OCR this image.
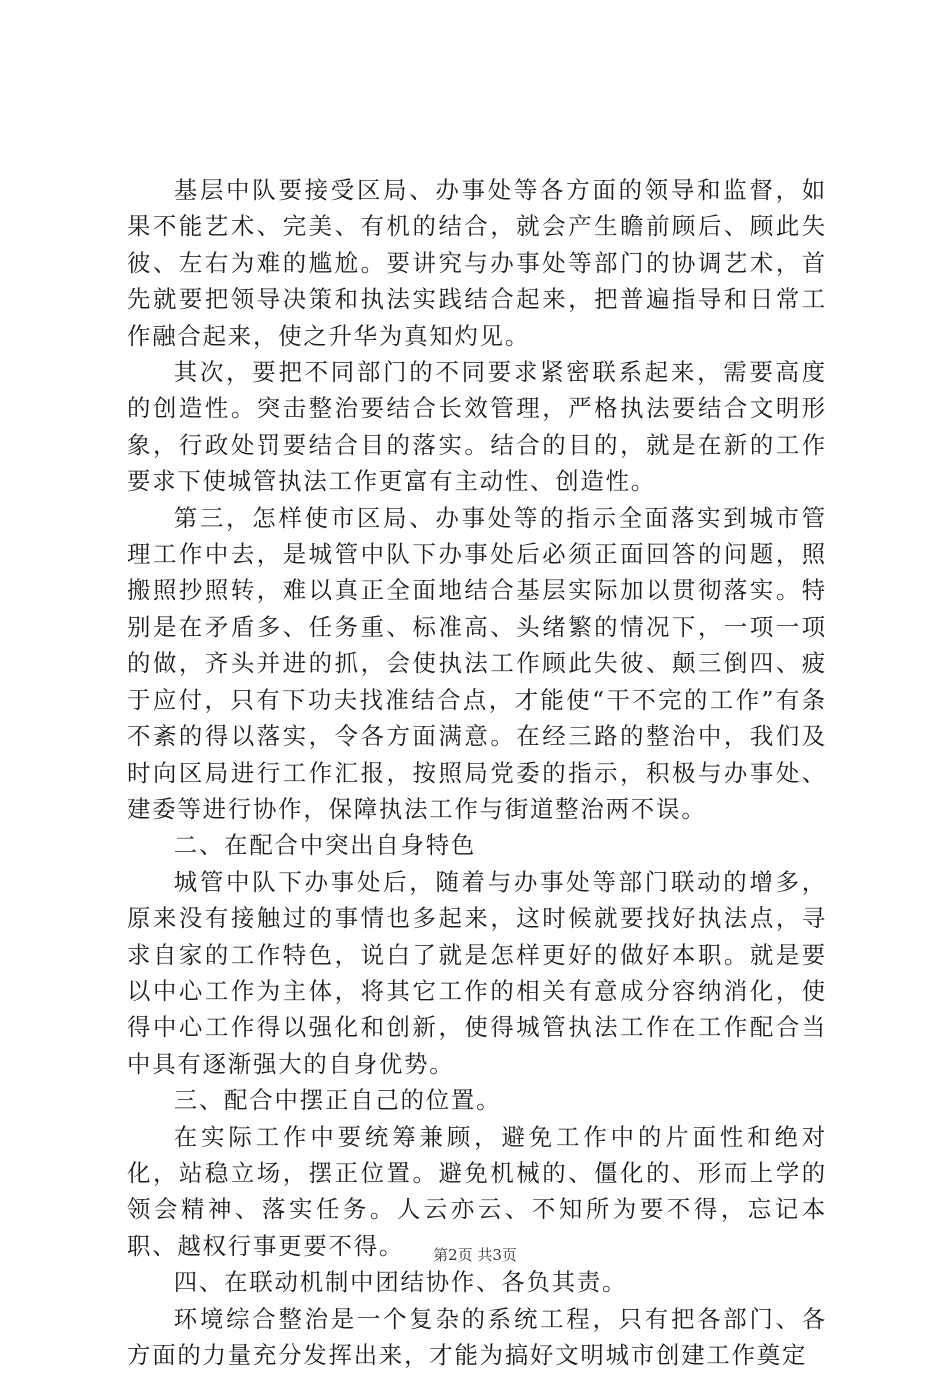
基层中队要接受区局、办事处等各方面的领导和监督，如果不能艺术、完美、有机的结合，就会产生瞻前顾后、顾此失彼、左右为难的尴尬。要讲究与办事处等部门的协调艺术，首先就要把领导决策和执法实践结合起来，把普遍指导和日常工作融合起来，使之升华为真知灼见。

其次，要把不同部门的不同要求紧密联系起来，需要高度的创造性。突击整治要结合长效管理，严格执法要结合文明形象，行政处罚要结合目的落实。结合的目的，就是在新的工作要求下使城管执法工作更富有主动性、创造性。

第三，怎样使市区局、办事处等的指示全面落实到城市管理工作中去，是城管中队下办事处后必须正面回答的问题，照搬照抄照转，难以真正全面地结合基层实际加以贯彻落实。特别是在矛盾多、任务重、标准高、头绪繁的情况下，一项一项的做，齐头并进的抓，会使执法工作顾此失彼、颠三倒四、疲于应付，只有下功夫找准结合点，才能使“干不完的工作”有条不紊的得以落实，令各方面满意。在经三路的整治中，我们及时向区局进行工作汇报，按照局党委的指示，积极与办事处、建委等进行协作，保障执法工作与街道整治两不误。

二、在配合中突出自身特色

城管中队下办事处后，随着与办事处等部门联动的增多，原来没有接触过的事情也多起来，这时候就要找好执法点，寻求自家的工作特色，说白了就是怎样更好的做好本职。就是要以中心工作为主体，将其它工作的相关有意成分容纳消化，使得中心工作得以强化和创新，使得城管执法工作在工作配合当中具有逐渐强大的自身优势。

三、配合中摆正自己的位置。

在实际工作中要统筹兼顾，避免工作中的片面性和绝对化，站稳立场，摆正位置。避免机械的、僵化的、形而上学的领会精神、落实任务。人云亦云、不知所为要不得，忘记本职、越权行事更要不得。

四、在联动机制中团结协作、各负其责。

环境综合整治是一个复杂的系统工程，只有把各部门、各方面的力量充分发挥出来，才能为搞好文明城市创建工作奠定

第2页 共3页
